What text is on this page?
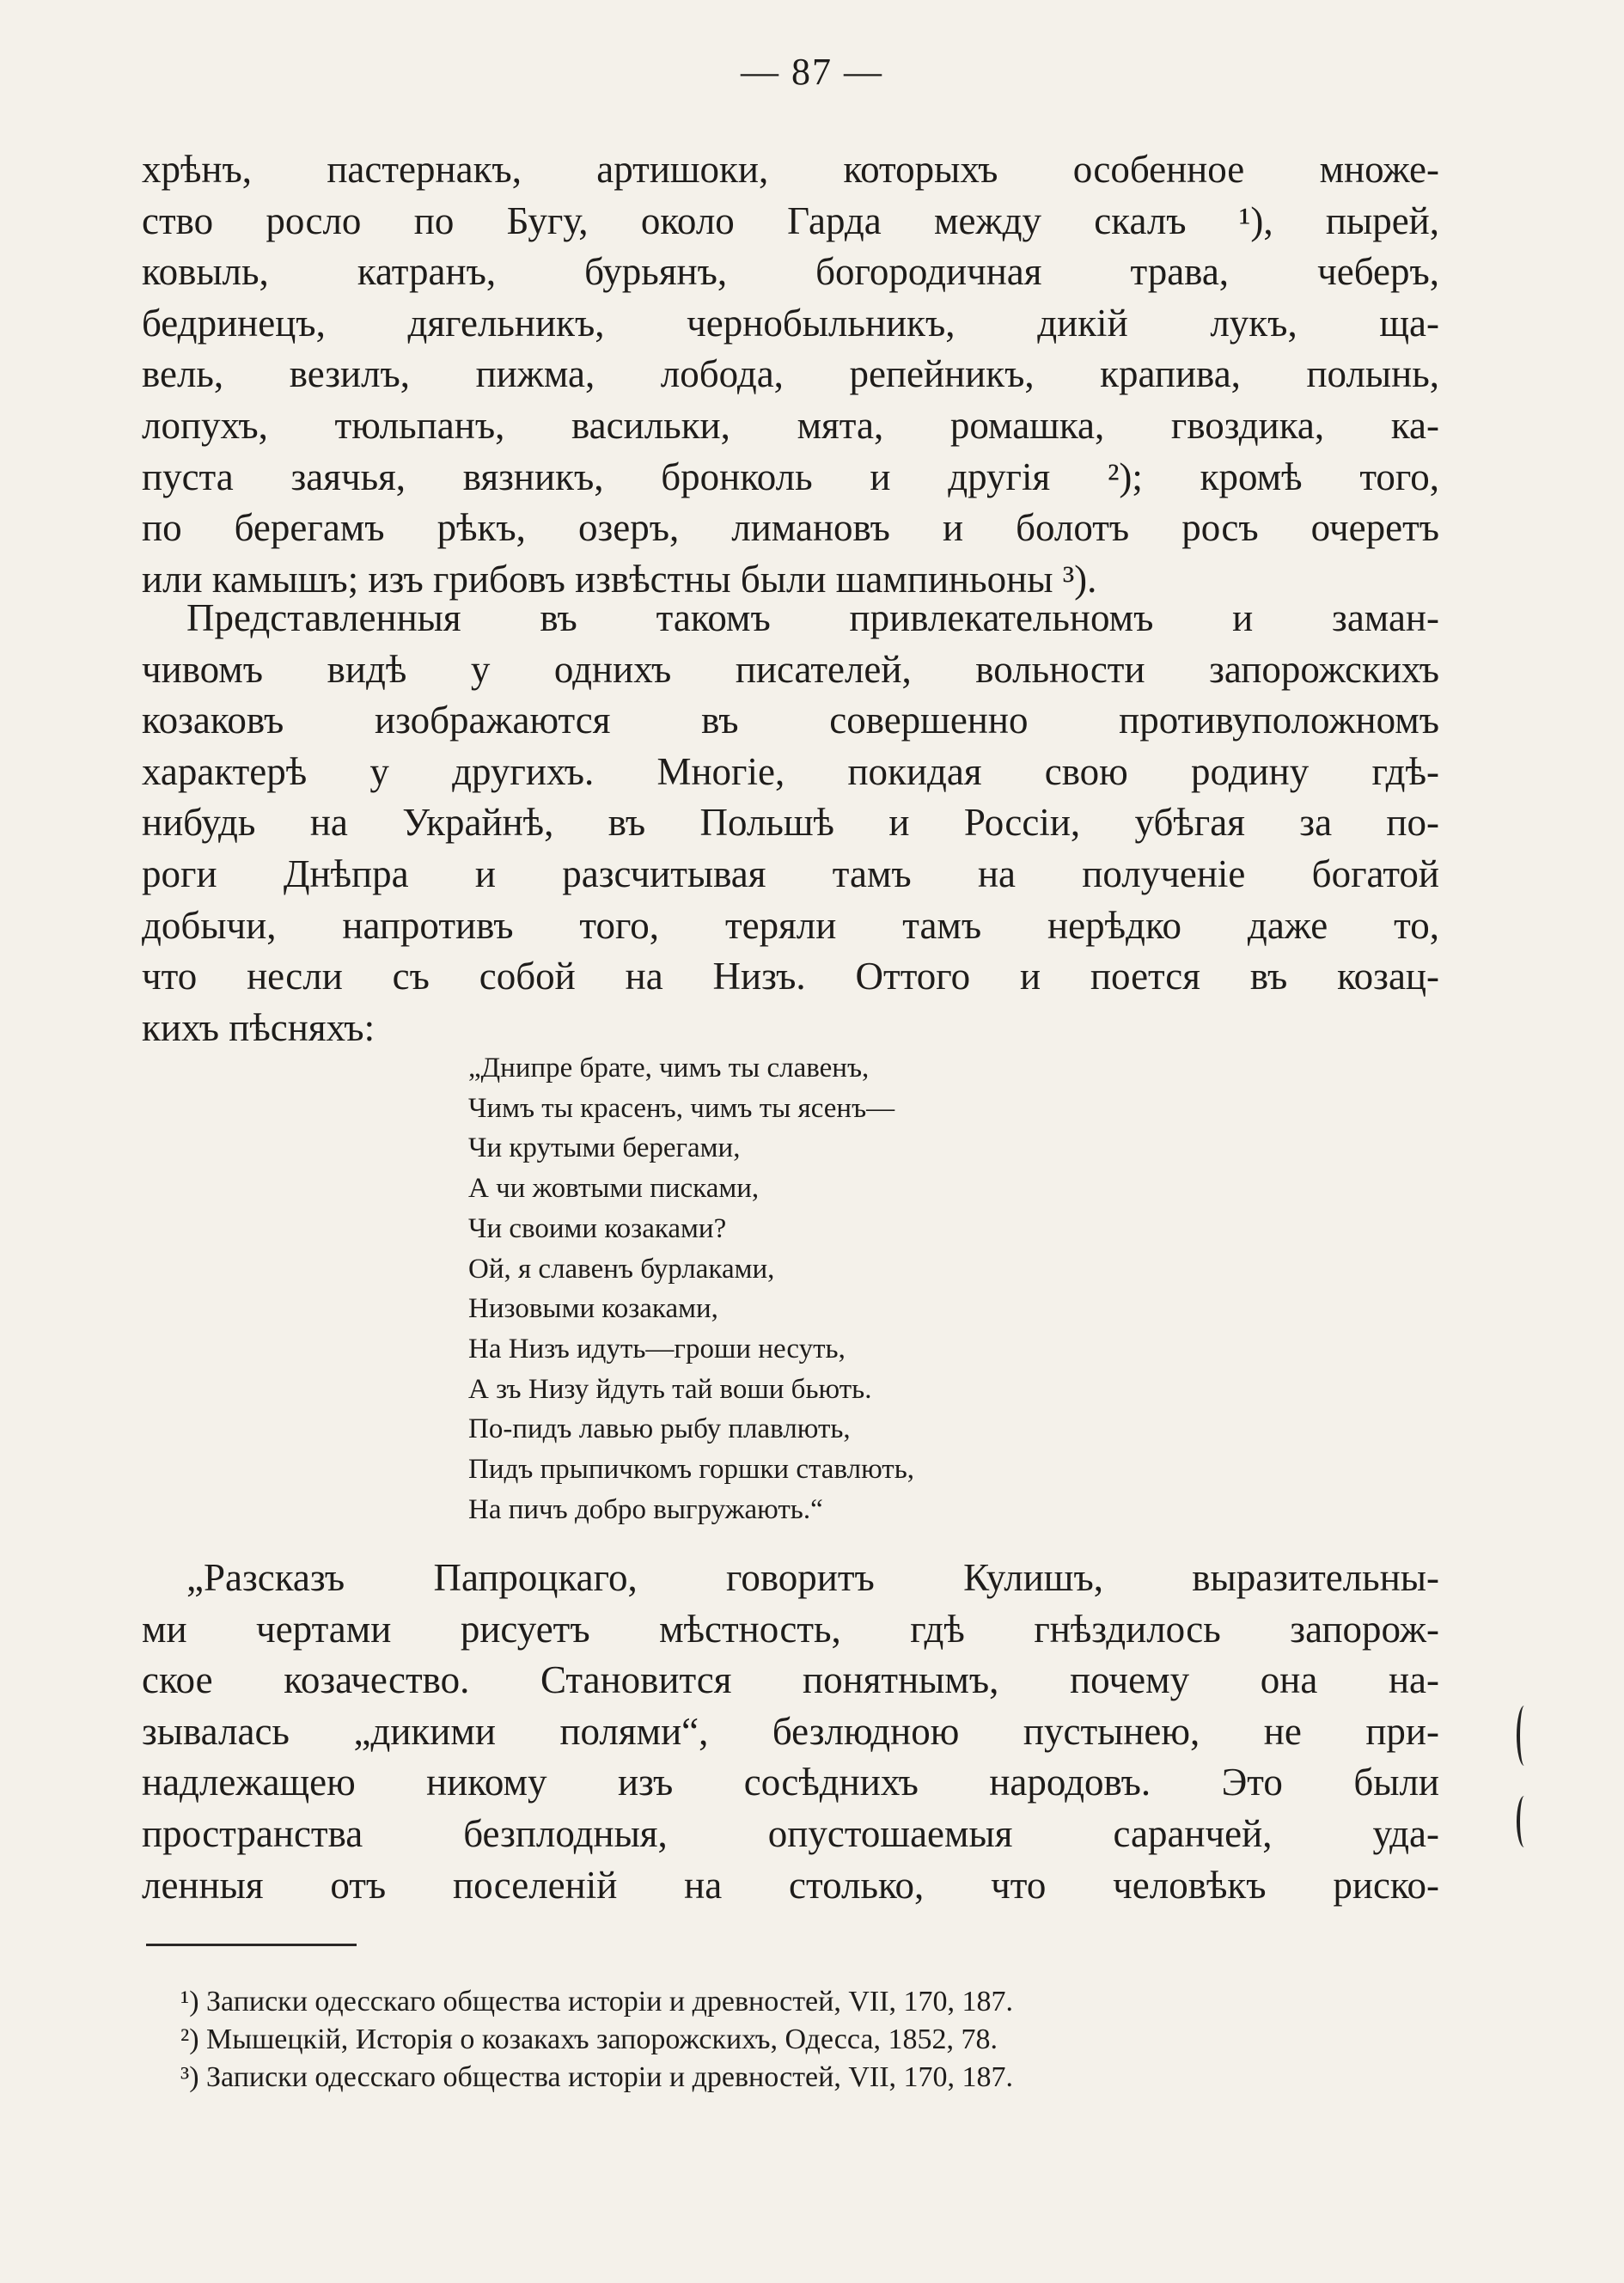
— 87 —
хрѣнъ, пастернакъ, артишоки, которыхъ особенное множе-
ство росло по Бугу, около Гарда между скалъ ¹), пырей,
ковыль, катранъ, бурьянъ, богородичная трава, чеберъ,
бедринецъ, дягельникъ, чернобыльникъ, дикій лукъ, ща-
вель, везилъ, пижма, лобода, репейникъ, крапива, полынь,
лопухъ, тюльпанъ, васильки, мята, ромашка, гвоздика, ка-
пуста заячья, вязникъ, бронколь и другія ²); кромѣ того,
по берегамъ рѣкъ, озеръ, лимановъ и болотъ росъ очеретъ
или камышъ; изъ грибовъ извѣстны были шампиньоны ³).
Представленныя въ такомъ привлекательномъ и заман-
чивомъ видѣ у однихъ писателей, вольности запорожскихъ
козаковъ изображаются въ совершенно противуположномъ
характерѣ у другихъ. Многіе, покидая свою родину гдѣ-
нибудь на Украйнѣ, въ Польшѣ и Россіи, убѣгая за по-
роги Днѣпра и разсчитывая тамъ на полученіе богатой
добычи, напротивъ того, теряли тамъ нерѣдко даже то,
что несли съ собой на Низъ. Оттого и поется въ козац-
кихъ пѣсняхъ:
„Днипре брате, чимъ ты славенъ,
Чимъ ты красенъ, чимъ ты ясенъ—
Чи крутыми берегами,
А чи жовтыми писками,
Чи своими козаками?
Ой, я славенъ бурлаками,
Низовыми козаками,
На Низъ идуть—гроши несуть,
А зъ Низу йдуть тай воши бьють.
По-пидъ лавью рыбу плавлють,
Пидъ прыпичкомъ горшки ставлють,
На пичъ добро выгружають.“
„Разсказъ Папроцкаго, говоритъ Кулишъ, выразительны-
ми чертами рисуетъ мѣстность, гдѣ гнѣздилось запорож-
ское козачество. Становится понятнымъ, почему она на-
зывалась „дикими полями“, безлюдною пустынею, не при-
надлежащею никому изъ сосѣднихъ народовъ. Это были
пространства безплодныя, опустошаемыя саранчей, уда-
ленныя отъ поселеній на столько, что человѣкъ риско-
¹) Записки одесскаго общества исторіи и древностей, VII, 170, 187.
²) Мышецкій, Исторія о козакахъ запорожскихъ, Одесса, 1852, 78.
³) Записки одесскаго общества исторіи и древностей, VII, 170, 187.
